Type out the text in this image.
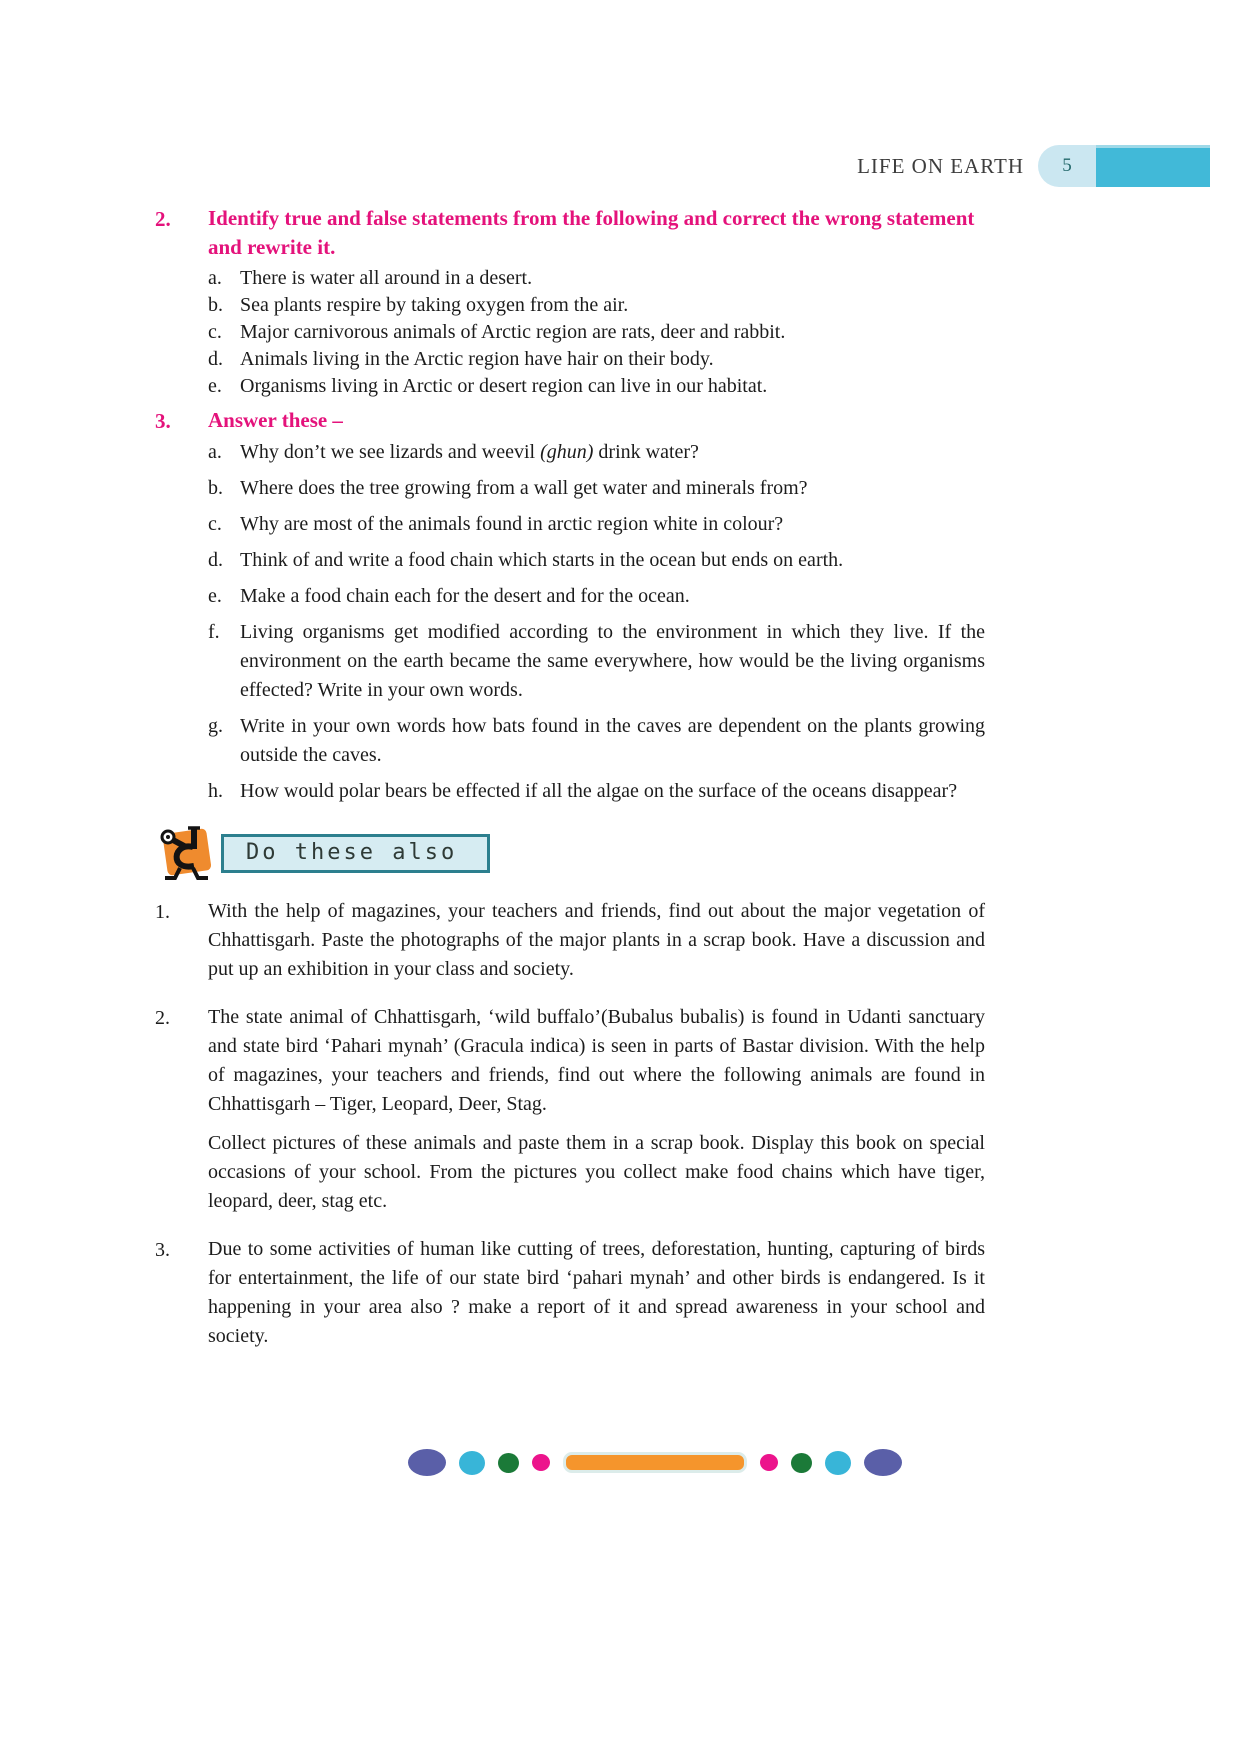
LIFE ON EARTH	5
2.	Identify true and false statements from the following and correct the wrong statement and rewrite it.
a. There is water all around in a desert.
b. Sea plants respire by taking oxygen from the air.
c. Major carnivorous animals of Arctic region are rats, deer and rabbit.
d. Animals living in the Arctic region have hair on their body.
e. Organisms living in Arctic or desert region can live in our habitat.
3.	Answer these –
a. Why don’t we see lizards and weevil (ghun) drink water?
b. Where does the tree growing from a wall get water and minerals from?
c. Why are most of the animals found in arctic region white in colour?
d. Think of and write a food chain which starts in the ocean but ends on earth.
e. Make a food chain each for the desert and for the ocean.
f.	Living organisms get modified according to the environment in which they live. If the environment on the earth became the same everywhere, how would be the living organisms effected? Write in your own words.
g. Write in your own words how bats found in the caves are dependent on the plants growing outside the caves.
h. How would polar bears be effected if all the algae on the surface of the oceans disappear?
Do these also
1.	With the help of magazines, your teachers and friends, find out about the major vegetation of Chhattisgarh. Paste the photographs of the major plants in a scrap book. Have a discussion and put up an exhibition in your class and society.

2.	The state animal of Chhattisgarh, ‘wild buffalo’(Bubalus bubalis) is found in Udanti sanctuary and state bird ‘Pahari mynah’ (Gracula indica) is seen in parts of Bastar division. With the help of magazines, your teachers and friends, find out where the following animals are found in Chhattisgarh – Tiger, Leopard, Deer, Stag.

Collect pictures of these animals and paste them in a scrap book. Display this book on special occasions of your school. From the pictures you collect make food chains which have tiger, leopard, deer, stag etc.

3.	Due to some activities of human like cutting of trees, deforestation, hunting, capturing of birds for entertainment, the life of our state bird ‘pahari mynah’ and other birds is endangered. Is it happening in your area also ? make a report of it and spread awareness in your school and society.
